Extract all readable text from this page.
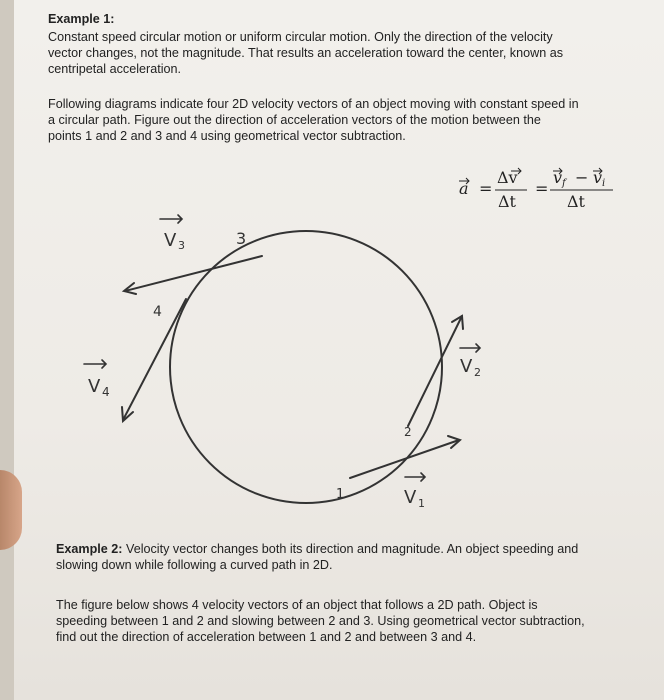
Example 1:
Constant speed circular motion or uniform circular motion. Only the direction of the velocity
vector changes, not the magnitude. That results an acceleration toward the center, known as
centripetal acceleration.
Following diagrams indicate four 2D velocity vectors of an object moving with constant speed in
a circular path. Figure out the direction of acceleration vectors of the motion between the
points 1 and 2 and 3 and 4 using geometrical vector subtraction.
a =
Δv
Δt
=
v f − v i
Δt
V 3	3
4
V 4
V 2
2
V 1
1
Example 2: Velocity vector changes both its direction and magnitude. An object speeding and
slowing down while following a curved path in 2D.
The figure below shows 4 velocity vectors of an object that follows a 2D path. Object is
speeding between 1 and 2 and slowing between 2 and 3. Using geometrical vector subtraction,
find out the direction of acceleration between 1 and 2 and between 3 and 4.
